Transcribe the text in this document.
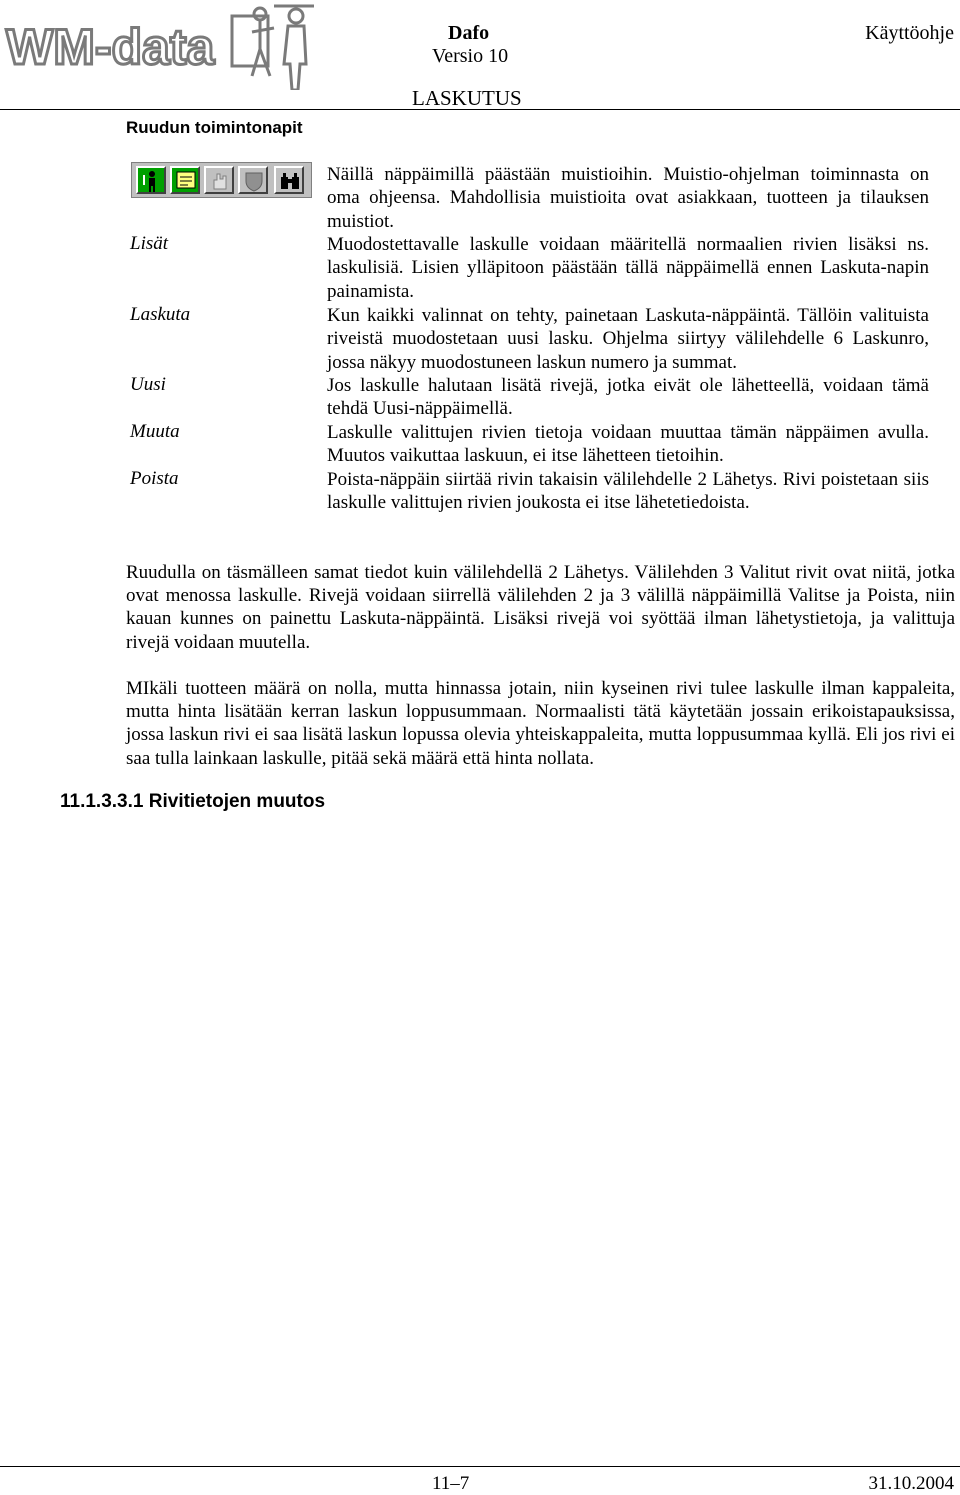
WM-data	Dafo
Versio 10
Käyttöohje
LASKUTUS
Ruudun toimintonapit
Näillä näppäimillä päästään muistioihin. Muistio-ohjelman toiminnasta on oma ohjeensa. Mahdollisia muistioita ovat asiakkaan, tuotteen ja tilauksen muistiot.
Lisät	Muodostettavalle laskulle voidaan määritellä normaalien rivien lisäksi ns. laskulisiä. Lisien ylläpitoon päästään tällä näppäimellä ennen Laskuta-napin painamista.
Laskuta	Kun kaikki valinnat on tehty, painetaan Laskuta-näppäintä. Tällöin valituista riveistä muodostetaan uusi lasku. Ohjelma siirtyy välilehdelle 6 Laskunro, jossa näkyy muodostuneen laskun numero ja summat.
Uusi	Jos laskulle halutaan lisätä rivejä, jotka eivät ole lähetteellä, voidaan tämä tehdä Uusi-näppäimellä.
Muuta	Laskulle valittujen rivien tietoja voidaan muuttaa tämän näppäimen avulla. Muutos vaikuttaa laskuun, ei itse lähetteen tietoihin.
Poista	Poista-näppäin siirtää rivin takaisin välilehdelle 2 Lähetys. Rivi poistetaan siis laskulle valittujen rivien joukosta ei itse lähetetiedoista.
Ruudulla on täsmälleen samat tiedot kuin välilehdellä 2 Lähetys. Välilehden 3 Valitut rivit ovat niitä, jotka ovat menossa laskulle. Rivejä voidaan siirrellä välilehden 2 ja 3 välillä näppäimillä Valitse ja Poista, niin kauan kunnes on painettu Laskuta-näppäintä. Lisäksi rivejä voi syöttää ilman lähetystietoja, ja valittuja rivejä voidaan muutella.
MIkäli tuotteen määrä on nolla, mutta hinnassa jotain, niin kyseinen rivi tulee laskulle ilman kappaleita, mutta hinta lisätään kerran laskun loppusummaan. Normaalisti tätä käytetään jossain erikoistapauksissa, jossa laskun rivi ei saa lisätä laskun lopussa olevia yhteiskappaleita, mutta loppusummaa kyllä. Eli jos rivi ei saa tulla lainkaan laskulle, pitää sekä määrä että hinta nollata.
11.1.3.3.1 Rivitietojen muutos
11–7	31.10.2004
